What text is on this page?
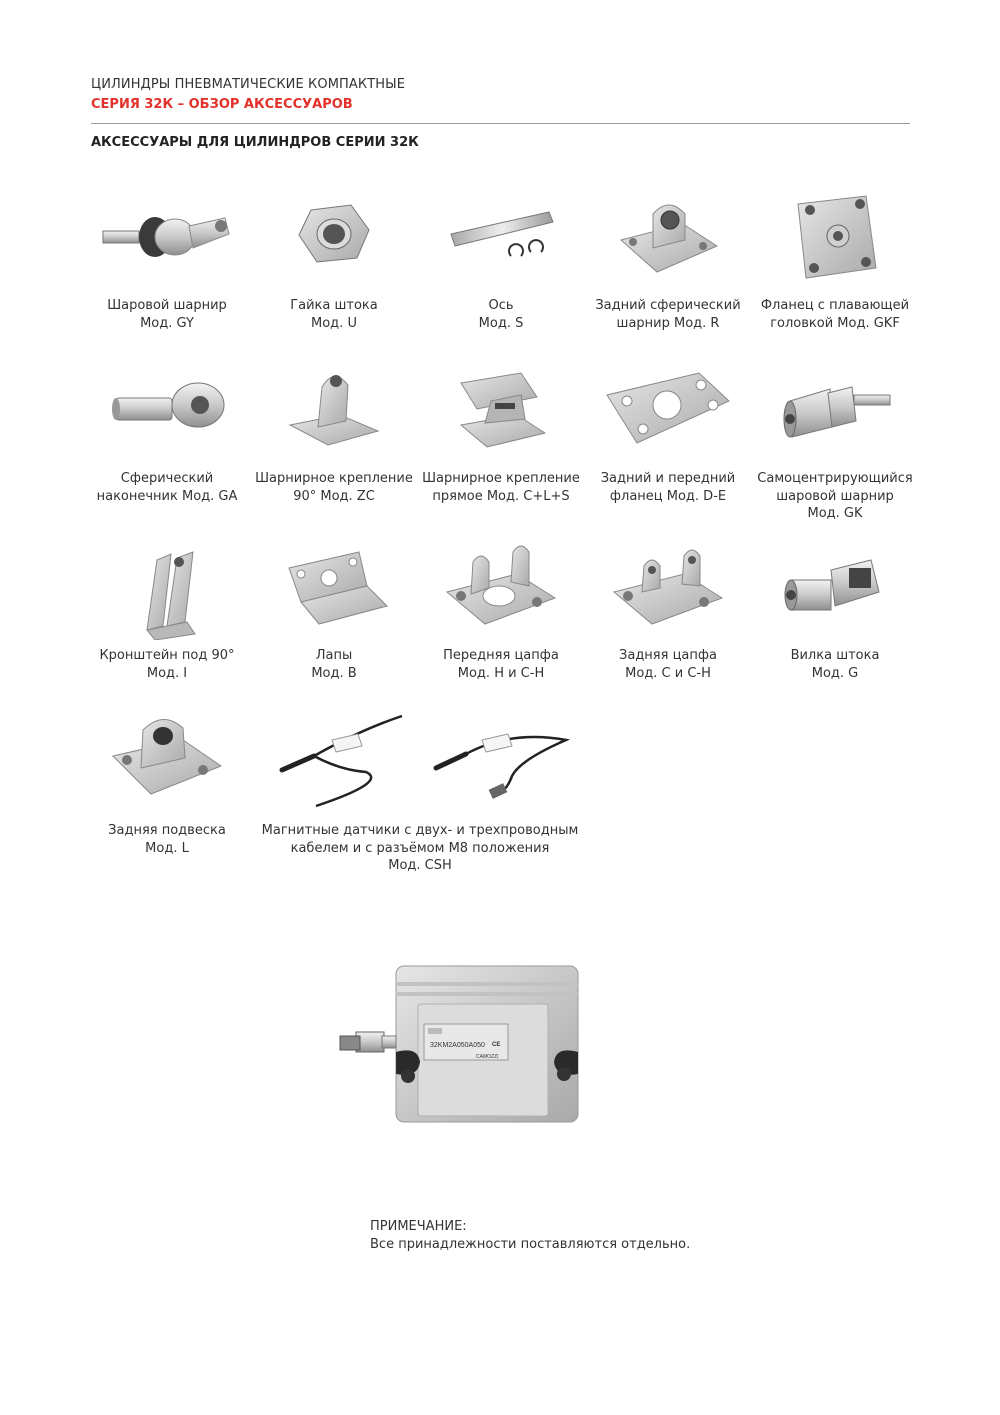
ЦИЛИНДРЫ ПНЕВМАТИЧЕСКИЕ КОМПАКТНЫЕ
СЕРИЯ 32К – ОБЗОР АКСЕССУАРОВ
АКСЕССУАРЫ ДЛЯ ЦИЛИНДРОВ СЕРИИ 32К
Шаровой шарнир
Мод. GY
Гайка штока
Мод. U
Ось
Мод. S
Задний сферический
шарнир Мод. R
Фланец с плавающей
головкой Мод. GKF
Сферический
наконечник Мод. GA
Шарнирное крепление
90° Мод. ZC
Шарнирное крепление
прямое Мод. C+L+S
Задний и передний
фланец Мод. D-E
Самоцентрирующийся
шаровой шарнир
Мод. GK
Кронштейн под 90°
Мод. I
Лапы
Мод. B
Передняя цапфа
Мод. H и C-H
Задняя цапфа
Мод. C и C-H
Вилка штока
Мод. G
Задняя подвеска
Мод. L
Магнитные датчики с двух- и трехпроводным
кабелем и с разъёмом M8 положения
Мод. CSH
32KM2A050A050
CAMOZZI
CE
ПРИМЕЧАНИЕ:
Все принадлежности поставляются отдельно.
